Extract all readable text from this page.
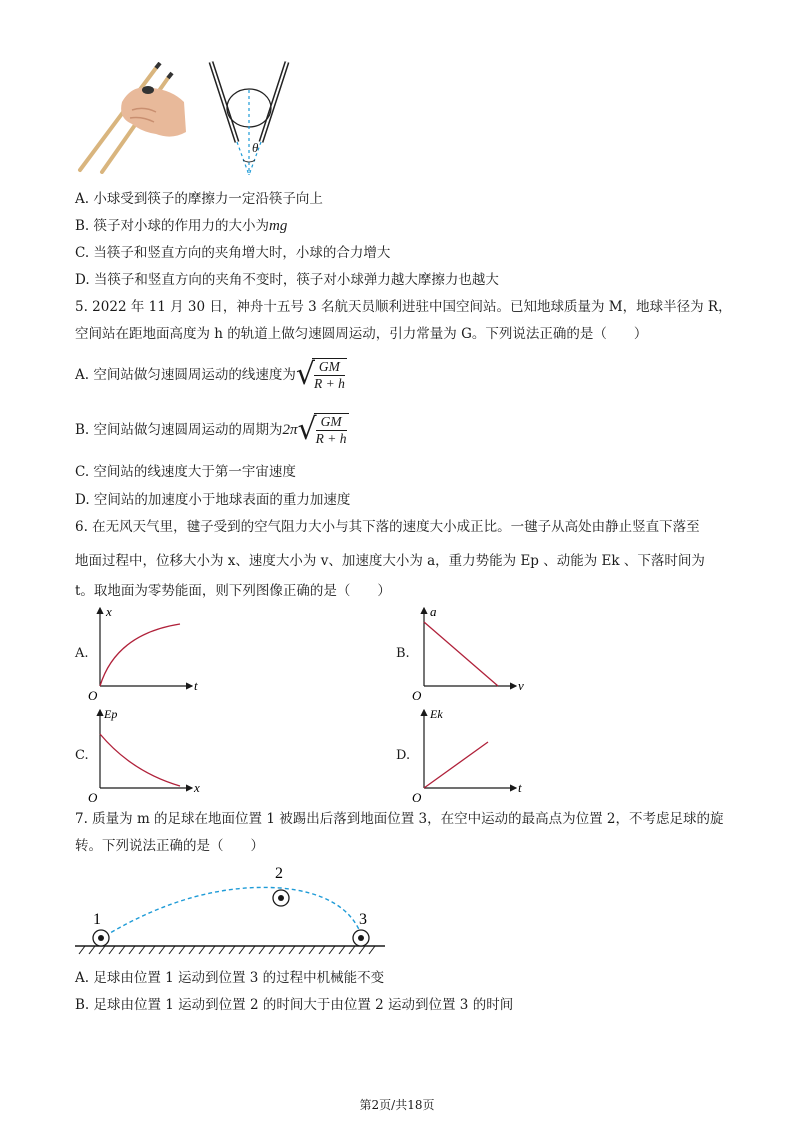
θ
A. 小球受到筷子的摩擦力一定沿筷子向上
B. 筷子对小球的作用力的大小为mg
C. 当筷子和竖直方向的夹角增大时，小球的合力增大
D. 当筷子和竖直方向的夹角不变时，筷子对小球弹力越大摩擦力也越大
5. 2022 年 11 月 30 日，神舟十五号 3 名航天员顺利进驻中国空间站。已知地球质量为 M，地球半径为 R，
空间站在距地面高度为 h 的轨道上做匀速圆周运动，引力常量为 G。下列说法正确的是（　　）
A. 空间站做匀速圆周运动的线速度为 √ $\frac{GM}{R + h}$
B. 空间站做匀速圆周运动的周期为 2π √ $\frac{GM}{R + h}$
C. 空间站的线速度大于第一宇宙速度
D. 空间站的加速度小于地球表面的重力加速度
6. 在无风天气里，毽子受到的空气阻力大小与其下落的速度大小成正比。一毽子从高处由静止竖直下落至
地面过程中，位移大小为 x、速度大小为 v、加速度大小为 a，重力势能为 Ep 、动能为 Ek 、下落时间为
t。取地面为零势能面，则下列图像正确的是（　　）
A.
x
t
O
B.
a
v
O
C.
Ep
x
O
D.
Ek
t
O
7. 质量为 m 的足球在地面位置 1 被踢出后落到地面位置 3，在空中运动的最高点为位置 2，不考虑足球的旋
转。下列说法正确的是（　　）
1
2
3
A. 足球由位置 1 运动到位置 3 的过程中机械能不变
B. 足球由位置 1 运动到位置 2 的时间大于由位置 2 运动到位置 3 的时间
第2页/共18页
